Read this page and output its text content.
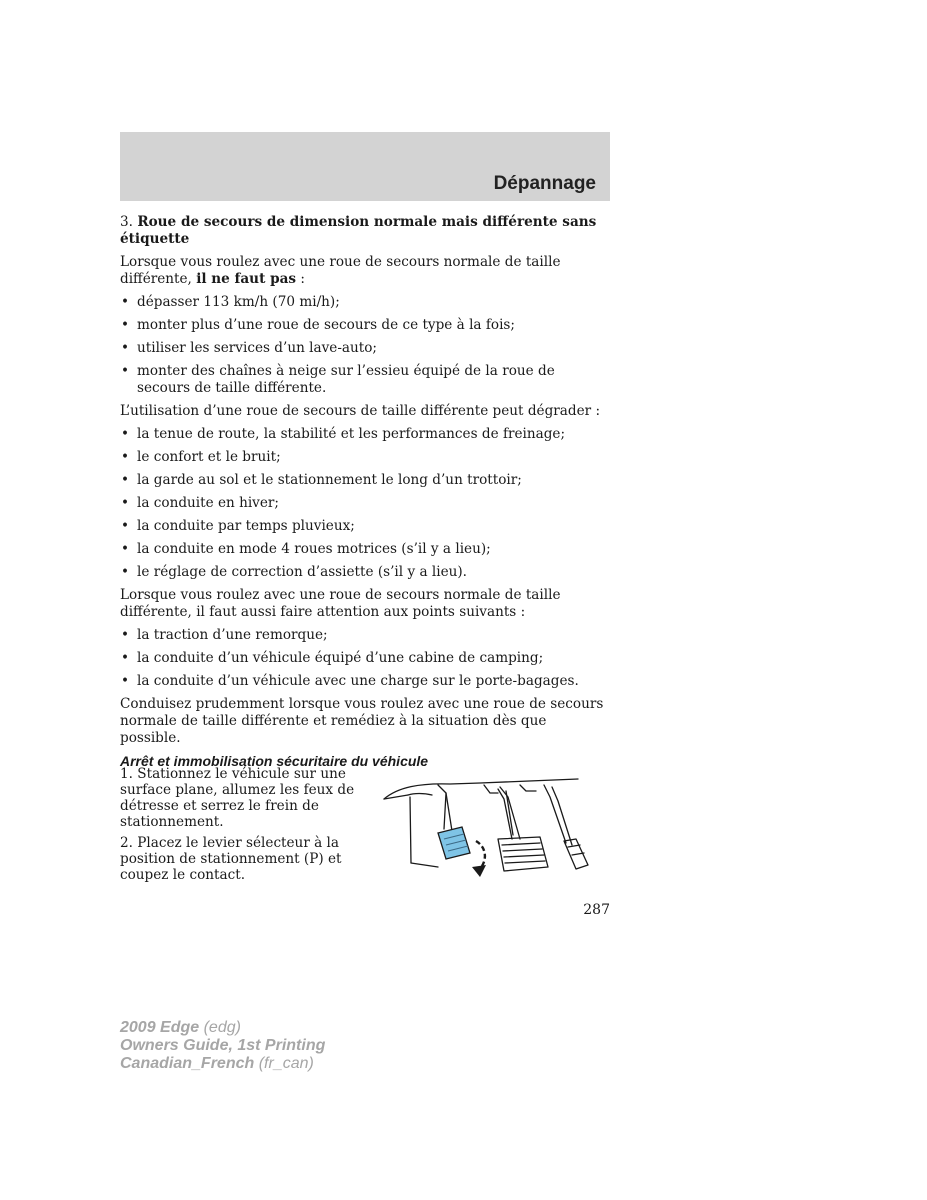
Dépannage
3. Roue de secours de dimension normale mais différente sans étiquette
Lorsque vous roulez avec une roue de secours normale de taille différente, il ne faut pas :
• dépasser 113 km/h (70 mi/h);
• monter plus d’une roue de secours de ce type à la fois;
• utiliser les services d’un lave-auto;
• monter des chaînes à neige sur l’essieu équipé de la roue de secours de taille différente.
L’utilisation d’une roue de secours de taille différente peut dégrader :
• la tenue de route, la stabilité et les performances de freinage;
• le confort et le bruit;
• la garde au sol et le stationnement le long d’un trottoir;
• la conduite en hiver;
• la conduite par temps pluvieux;
• la conduite en mode 4 roues motrices (s’il y a lieu);
• le réglage de correction d’assiette (s’il y a lieu).
Lorsque vous roulez avec une roue de secours normale de taille différente, il faut aussi faire attention aux points suivants :
• la traction d’une remorque;
• la conduite d’un véhicule équipé d’une cabine de camping;
• la conduite d’un véhicule avec une charge sur le porte-bagages.
Conduisez prudemment lorsque vous roulez avec une roue de secours normale de taille différente et remédiez à la situation dès que possible.
Arrêt et immobilisation sécuritaire du véhicule
1. Stationnez le véhicule sur une surface plane, allumez les feux de détresse et serrez le frein de stationnement.
2. Placez le levier sélecteur à la position de stationnement (P) et coupez le contact.
287
2009 Edge (edg)
Owners Guide, 1st Printing
Canadian_French (fr_can)
